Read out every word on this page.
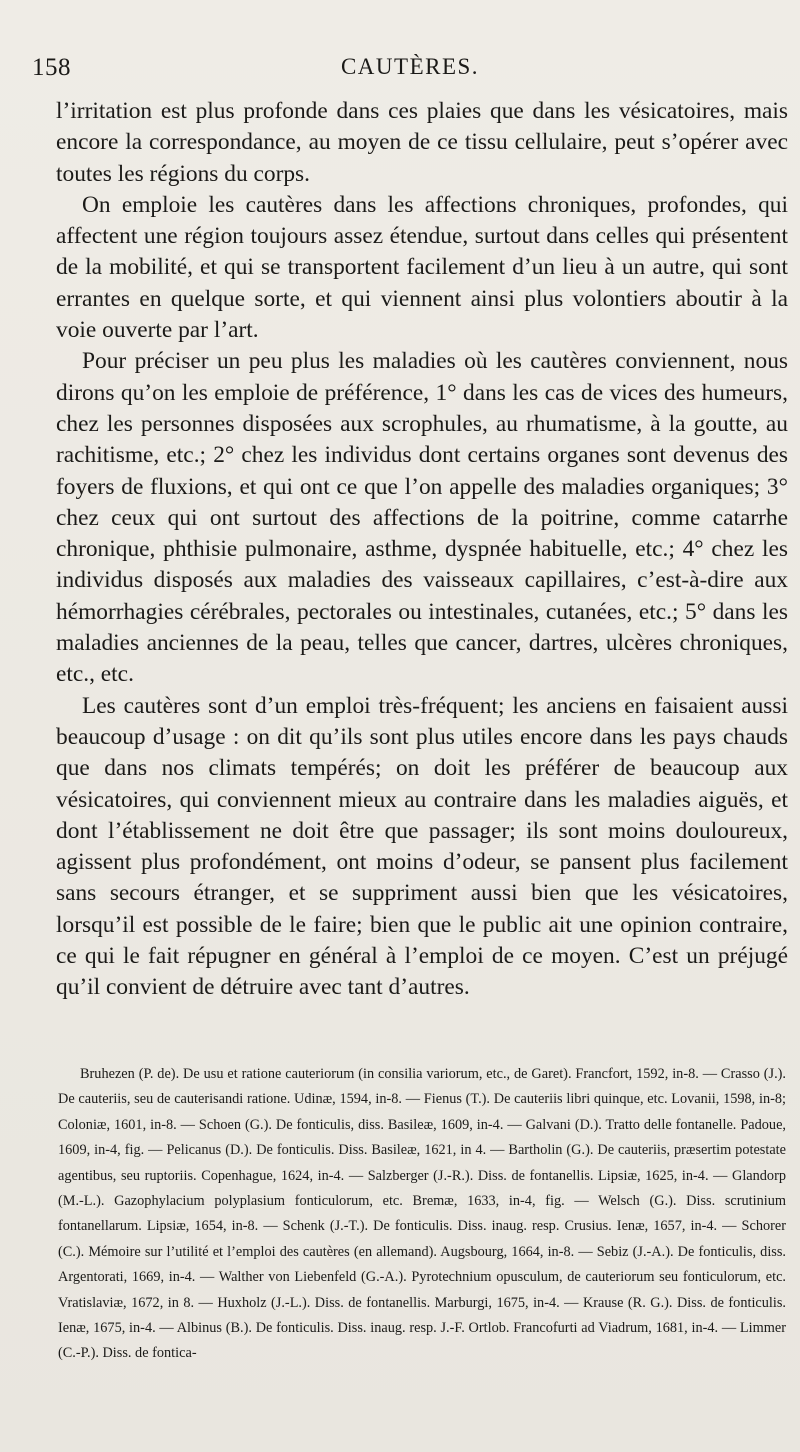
158	CAUTÈRES.

l’irritation est plus profonde dans ces plaies que dans les vésicatoires, mais encore la correspondance, au moyen de ce tissu cellulaire, peut s’opérer avec toutes les régions du corps.

On emploie les cautères dans les affections chroniques, profondes, qui affectent une région toujours assez étendue, surtout dans celles qui présentent de la mobilité, et qui se transportent facilement d’un lieu à un autre, qui sont errantes en quelque sorte, et qui viennent ainsi plus volontiers aboutir à la voie ouverte par l’art.

Pour préciser un peu plus les maladies où les cautères conviennent, nous dirons qu’on les emploie de préférence, 1° dans les cas de vices des humeurs, chez les personnes disposées aux scrophules, au rhumatisme, à la goutte, au rachitisme, etc.; 2° chez les individus dont certains organes sont devenus des foyers de fluxions, et qui ont ce que l’on appelle des maladies organiques; 3° chez ceux qui ont surtout des affections de la poitrine, comme catarrhe chronique, phthisie pulmonaire, asthme, dyspnée habituelle, etc.; 4° chez les individus disposés aux maladies des vaisseaux capillaires, c’est-à-dire aux hémorrhagies cérébrales, pectorales ou intestinales, cutanées, etc.; 5° dans les maladies anciennes de la peau, telles que cancer, dartres, ulcères chroniques, etc., etc.

Les cautères sont d’un emploi très-fréquent; les anciens en faisaient aussi beaucoup d’usage : on dit qu’ils sont plus utiles encore dans les pays chauds que dans nos climats tempérés; on doit les préférer de beaucoup aux vésicatoires, qui conviennent mieux au contraire dans les maladies aiguës, et dont l’établissement ne doit être que passager; ils sont moins douloureux, agissent plus profondément, ont moins d’odeur, se pansent plus facilement sans secours étranger, et se suppriment aussi bien que les vésicatoires, lorsqu’il est possible de le faire; bien que le public ait une opinion contraire, ce qui le fait répugner en général à l’emploi de ce moyen. C’est un préjugé qu’il convient de détruire avec tant d’autres.

Bruhezen (P. de). De usu et ratione cauteriorum (in consilia variorum, etc., de Garet). Francfort, 1592, in-8. — Crasso (J.). De cauteriis, seu de cauterisandi ratione. Udinæ, 1594, in-8. — Fienus (T.). De cauteriis libri quinque, etc. Lovanii, 1598, in-8; Coloniæ, 1601, in-8. — Schoen (G.). De fonticulis, diss. Basileæ, 1609, in-4. — Galvani (D.). Tratto delle fontanelle. Padoue, 1609, in-4, fig. — Pelicanus (D.). De fonticulis. Diss. Basileæ, 1621, in 4. — Bartholin (G.). De cauteriis, præsertim potestate agentibus, seu ruptoriis. Copenhague, 1624, in-4. — Salzberger (J.-R.). Diss. de fontanellis. Lipsiæ, 1625, in-4. — Glandorp (M.-L.). Gazophylacium polyplasium fonticulorum, etc. Bremæ, 1633, in-4, fig. — Welsch (G.). Diss. scrutinium fontanellarum. Lipsiæ, 1654, in-8. — Schenk (J.-T.). De fonticulis. Diss. inaug. resp. Crusius. Ienæ, 1657, in-4. — Schorer (C.). Mémoire sur l’utilité et l’emploi des cautères (en allemand). Augsbourg, 1664, in-8. — Sebiz (J.-A.). De fonticulis, diss. Argentorati, 1669, in-4. — Walther von Liebenfeld (G.-A.). Pyrotechnium opusculum, de cauteriorum seu fonticulorum, etc. Vratislaviæ, 1672, in 8. — Huxholz (J.-L.). Diss. de fontanellis. Marburgi, 1675, in-4. — Krause (R. G.). Diss. de fonticulis. Ienæ, 1675, in-4. — Albinus (B.). De fonticulis. Diss. inaug. resp. J.-F. Ortlob. Francofurti ad Viadrum, 1681, in-4. — Limmer (C.-P.). Diss. de fontica-
